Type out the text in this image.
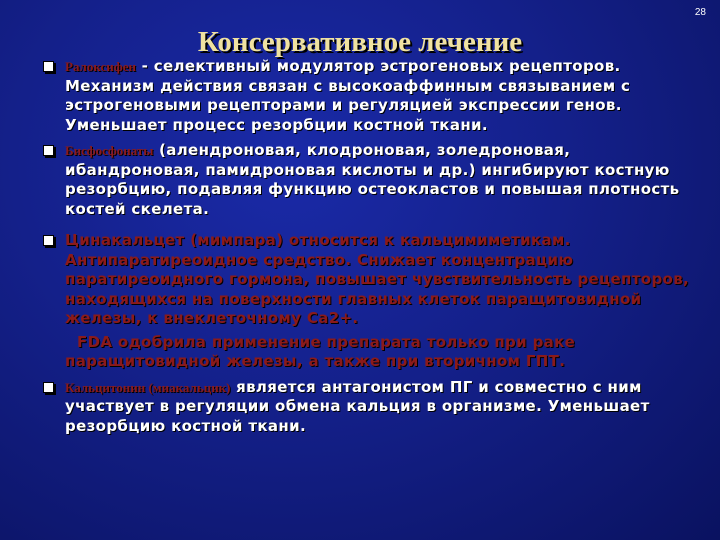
28
Консервативное лечение

Ралоксифен - селективный модулятор эстрогеновых рецепторов. Механизм действия связан с высокоаффинным связыванием с эстрогеновыми рецепторами и регуляцией экспрессии генов. Уменьшает процесс резорбции костной ткани.

Бисфосфонаты (алендроновая, клодроновая, золедроновая, ибандроновая, памидроновая кислоты и др.) ингибируют костную резорбцию, подавляя функцию остеокластов и повышая плотность костей скелета.

Цинакальцет (мимпара) относится к кальцимиметикам. Антипаратиреоидное средство. Снижает концентрацию паратиреоидного гормона, повышает чувствительность рецепторов, находящихся на поверхности главных клеток паращитовидной железы, к внеклеточному Са2+.

FDA одобрила применение препарата только при раке паращитовидной железы, а также при вторичном ГПТ.

Кальцитонин (миакальцик) является антагонистом ПГ и совместно с ним участвует в регуляции обмена кальция в организме. Уменьшает резорбцию костной ткани.
